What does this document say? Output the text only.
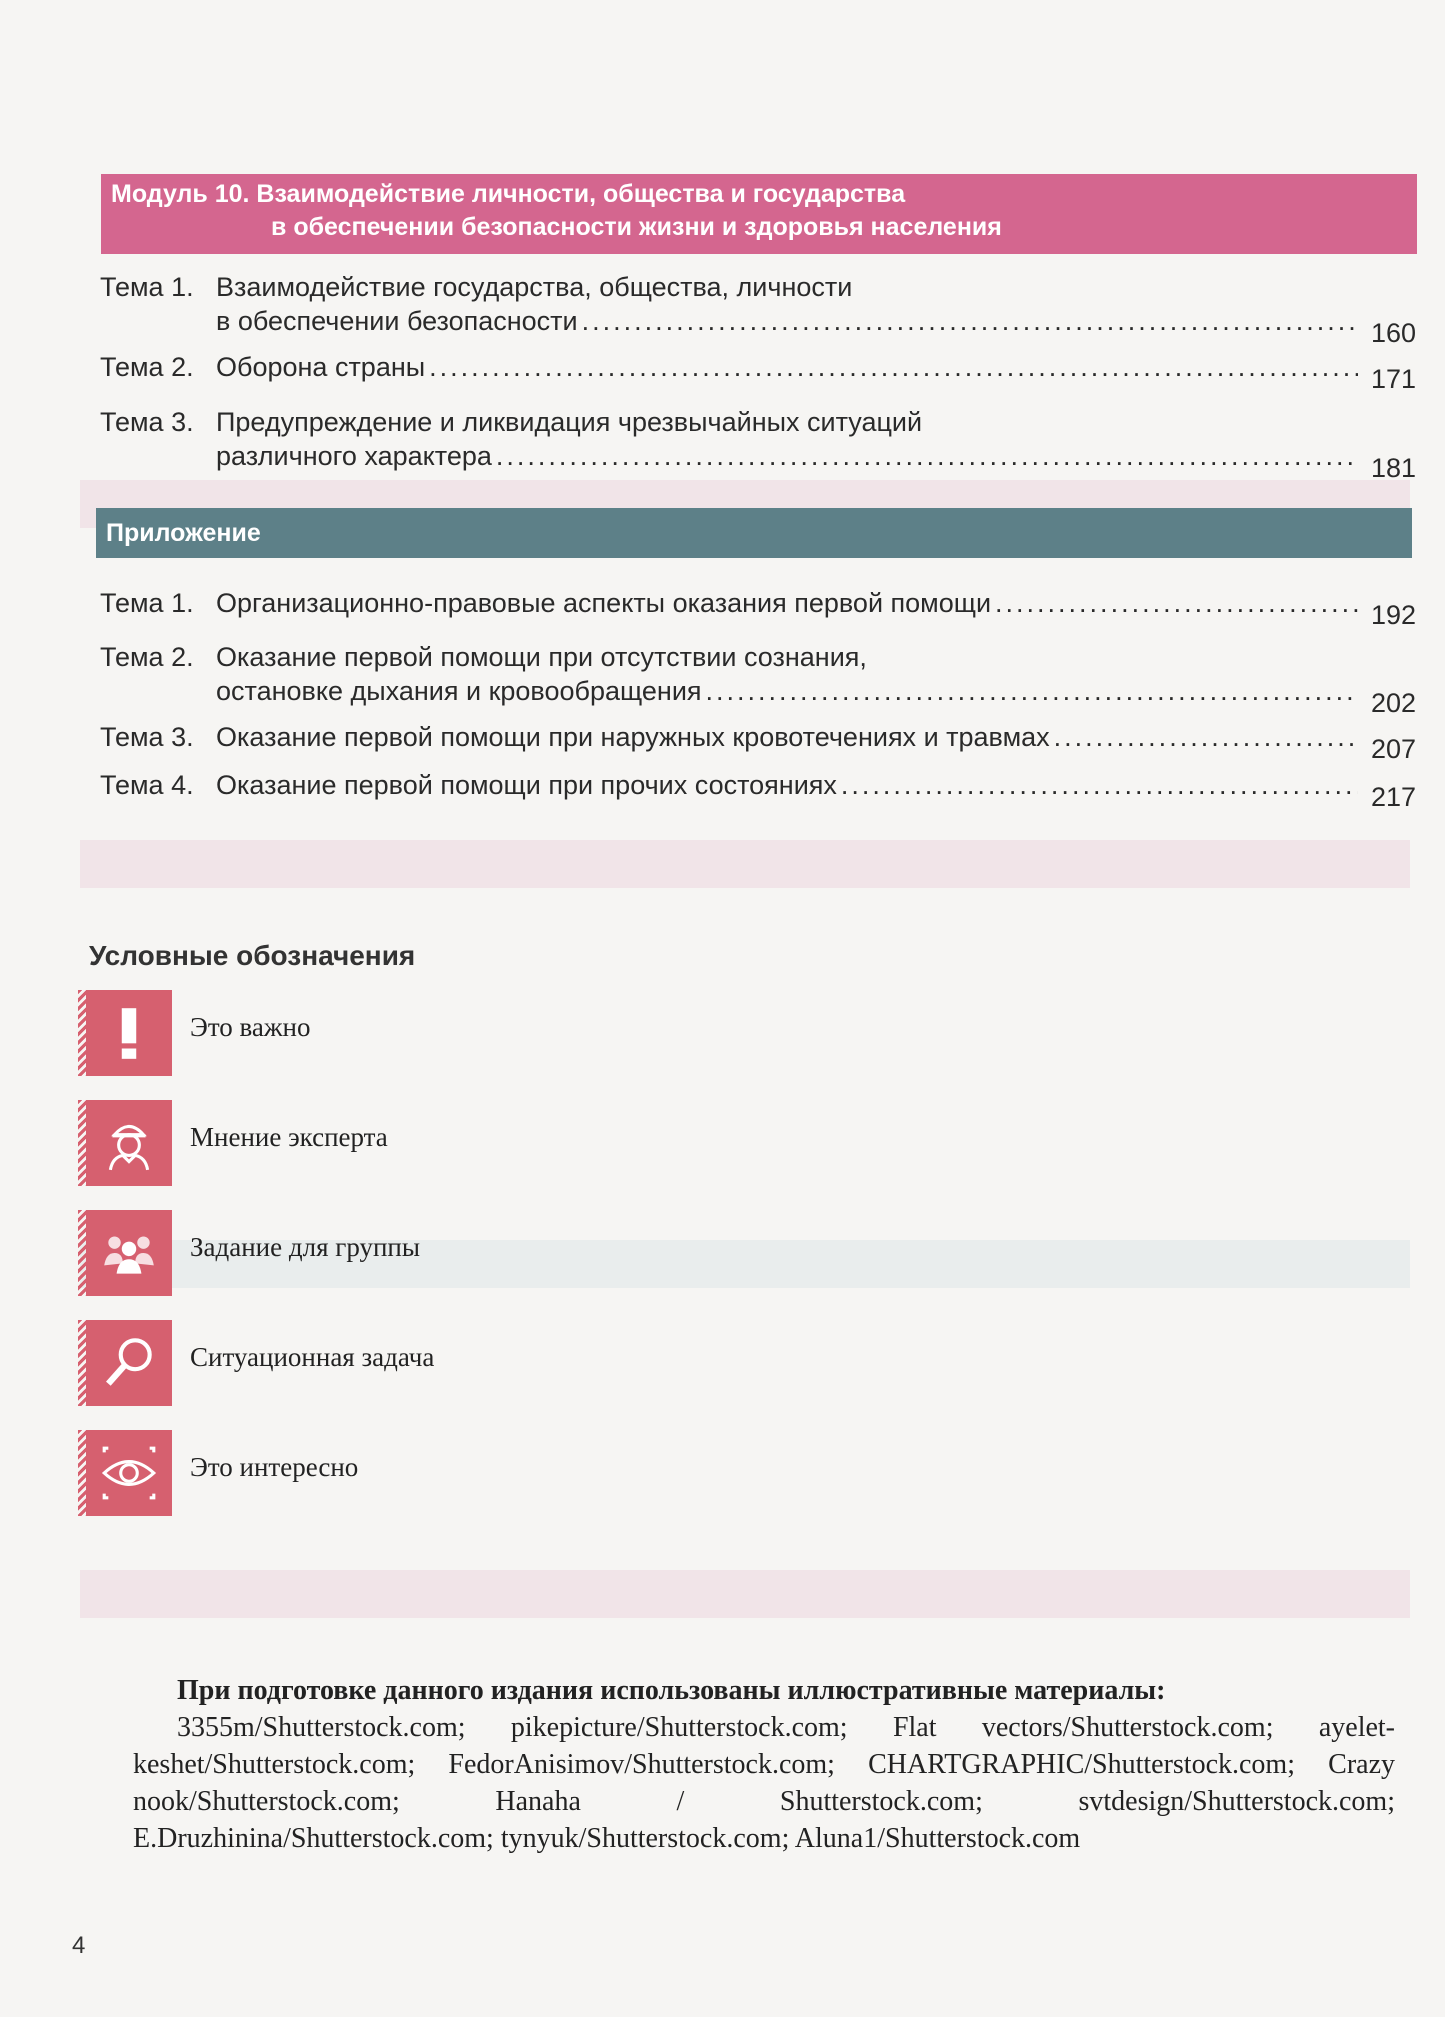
Модуль 10. Взаимодействие личности, общества и государства
в обеспечении безопасности жизни и здоровья населения
Тема 1. Взаимодействие государства, общества, личности
в обеспечении безопасности .....	160
Тема 2. Оборона страны .....	171
Тема 3. Предупреждение и ликвидация чрезвычайных ситуаций
различного характера .....	181
Приложение
Тема 1. Организационно-правовые аспекты оказания первой помощи .....	192
Тема 2. Оказание первой помощи при отсутствии сознания,
остановке дыхания и кровообращения .....	202
Тема 3. Оказание первой помощи при наружных кровотечениях и травмах .....	207
Тема 4. Оказание первой помощи при прочих состояниях .....	217
Условные обозначения
Это важно
Мнение эксперта
Задание для группы
Ситуационная задача
Это интересно
При подготовке данного издания использованы иллюстративные материалы:
3355m/Shutterstock.com; pikepicture/Shutterstock.com; Flat vectors/Shutterstock.com; ayelet-keshet/Shutterstock.com; FedorAnisimov/Shutterstock.com; CHARTGRAPHIC/Shutterstock.com; Crazy nook/Shutterstock.com; Hanaha / Shutterstock.com; svtdesign/Shutterstock.com; E.Druzhinina/Shutterstock.com; tynyuk/Shutterstock.com; Aluna1/Shutterstock.com
4
